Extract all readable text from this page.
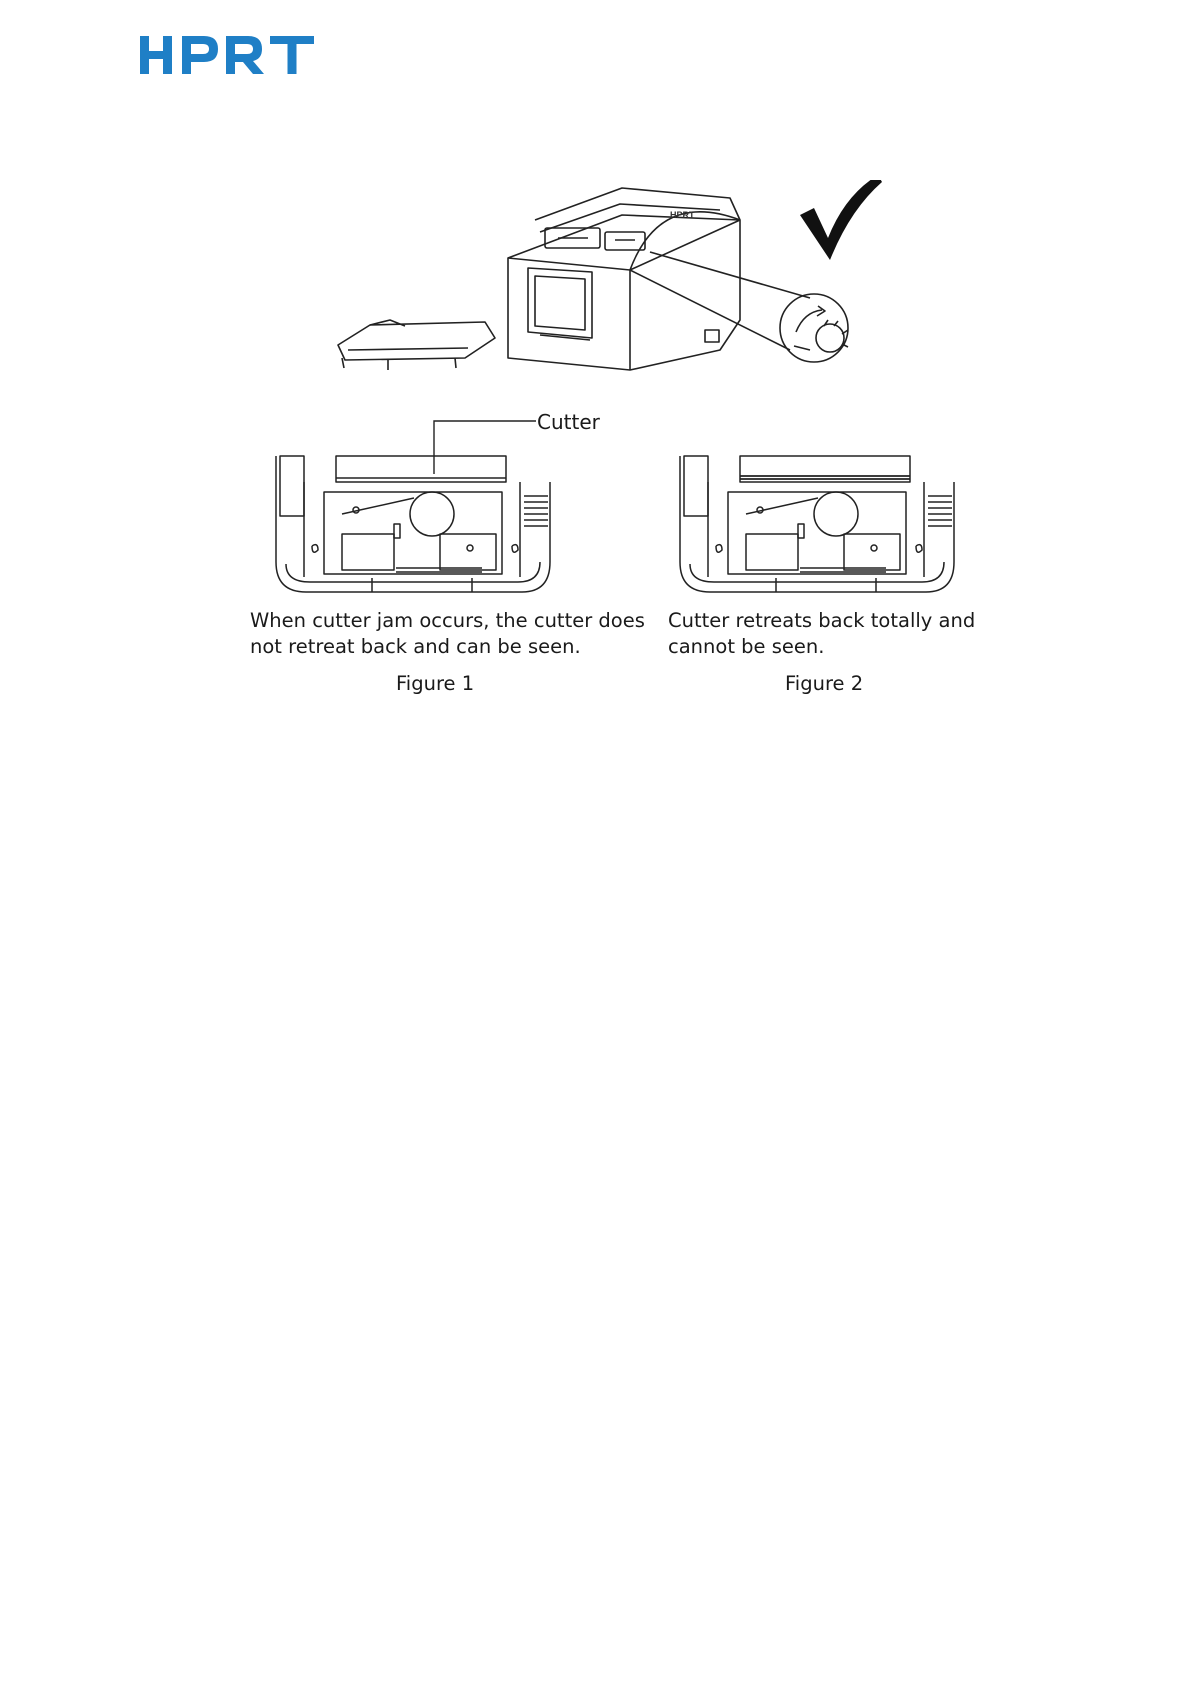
HPRT
Cutter
When cutter jam occurs, the cutter does not retreat back and can be seen.
Cutter retreats back totally and cannot be seen.
Figure 1	Figure 2
